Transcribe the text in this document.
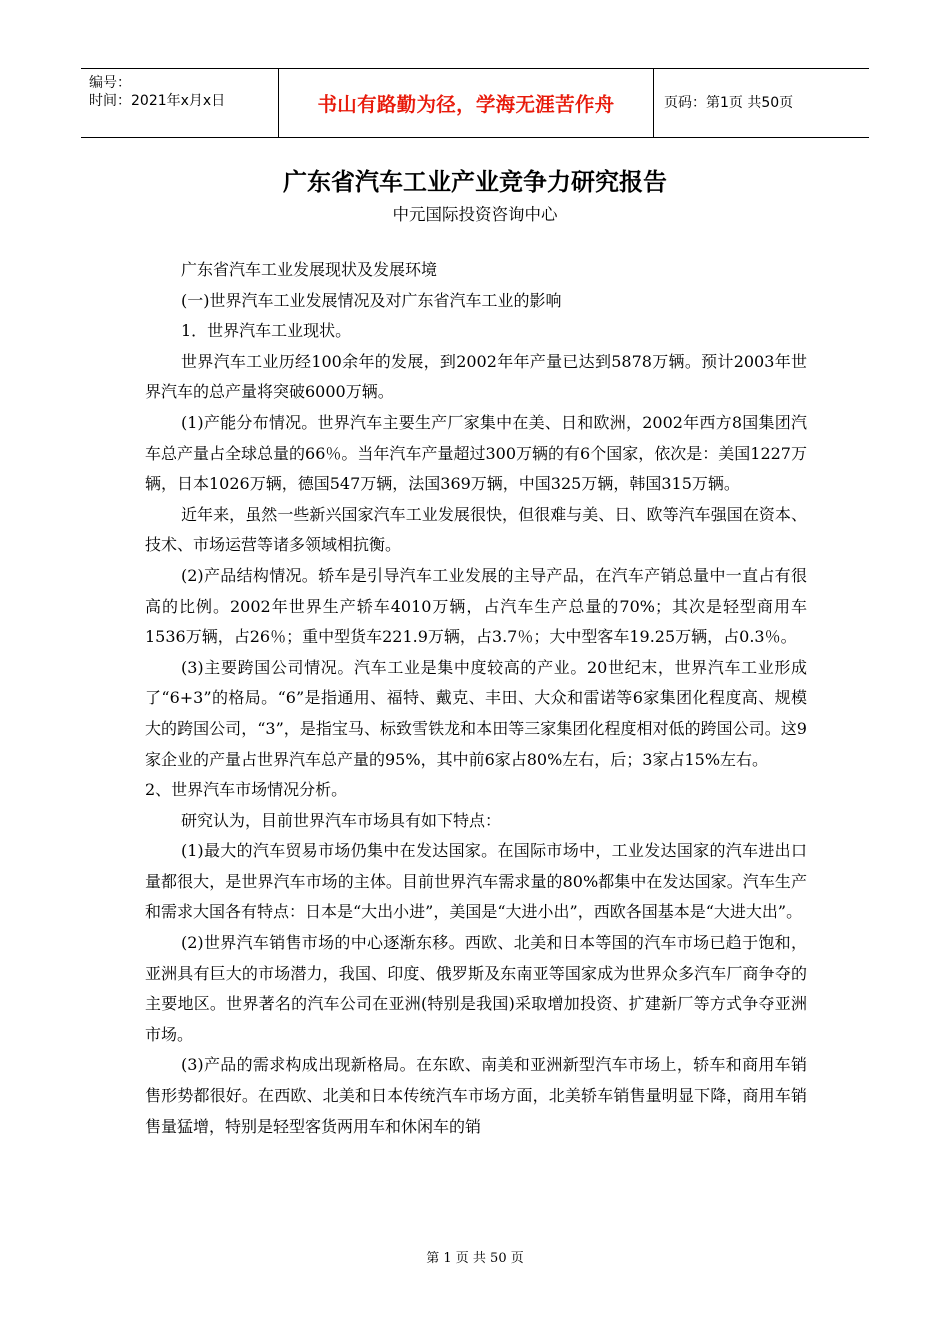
编号：
时间：2021年x月x日	书山有路勤为径，学海无涯苦作舟	页码：第1页 共50页
广东省汽车工业产业竞争力研究报告
中元国际投资咨询中心

广东省汽车工业发展现状及发展环境

(一)世界汽车工业发展情况及对广东省汽车工业的影响

1．世界汽车工业现状。

世界汽车工业历经100余年的发展，到2002年年产量已达到5878万辆。预计2003年世界汽车的总产量将突破6000万辆。

(1)产能分布情况。世界汽车主要生产厂家集中在美、日和欧洲，2002年西方8国集团汽车总产量占全球总量的66％。当年汽车产量超过300万辆的有6个国家，依次是：美国1227万辆，日本1026万辆，德国547万辆，法国369万辆，中国325万辆，韩国315万辆。

近年来，虽然一些新兴国家汽车工业发展很快，但很难与美、日、欧等汽车强国在资本、技术、市场运营等诸多领域相抗衡。

(2)产品结构情况。轿车是引导汽车工业发展的主导产品，在汽车产销总量中一直占有很高的比例。2002年世界生产轿车4010万辆，占汽车生产总量的70%；其次是轻型商用车1536万辆，占26％；重中型货车221.9万辆，占3.7％；大中型客车19.25万辆，占0.3％。

(3)主要跨国公司情况。汽车工业是集中度较高的产业。20世纪末，世界汽车工业形成了“6+3”的格局。“6”是指通用、福特、戴克、丰田、大众和雷诺等6家集团化程度高、规模大的跨国公司，“3”，是指宝马、标致雪铁龙和本田等三家集团化程度相对低的跨国公司。这9家企业的产量占世界汽车总产量的95%，其中前6家占80%左右，后；3家占15%左右。

2、世界汽车市场情况分析。

研究认为，目前世界汽车市场具有如下特点：

(1)最大的汽车贸易市场仍集中在发达国家。在国际市场中，工业发达国家的汽车进出口量都很大，是世界汽车市场的主体。目前世界汽车需求量的80%都集中在发达国家。汽车生产和需求大国各有特点：日本是“大出小进”，美国是“大进小出”，西欧各国基本是“大进大出”。

(2)世界汽车销售市场的中心逐渐东移。西欧、北美和日本等国的汽车市场已趋于饱和，亚洲具有巨大的市场潜力，我国、印度、俄罗斯及东南亚等国家成为世界众多汽车厂商争夺的主要地区。世界著名的汽车公司在亚洲(特别是我国)采取增加投资、扩建新厂等方式争夺亚洲市场。

(3)产品的需求构成出现新格局。在东欧、南美和亚洲新型汽车市场上，轿车和商用车销售形势都很好。在西欧、北美和日本传统汽车市场方面，北美轿车销售量明显下降，商用车销售量猛增，特别是轻型客货两用车和休闲车的销

第 1 页 共 50 页
